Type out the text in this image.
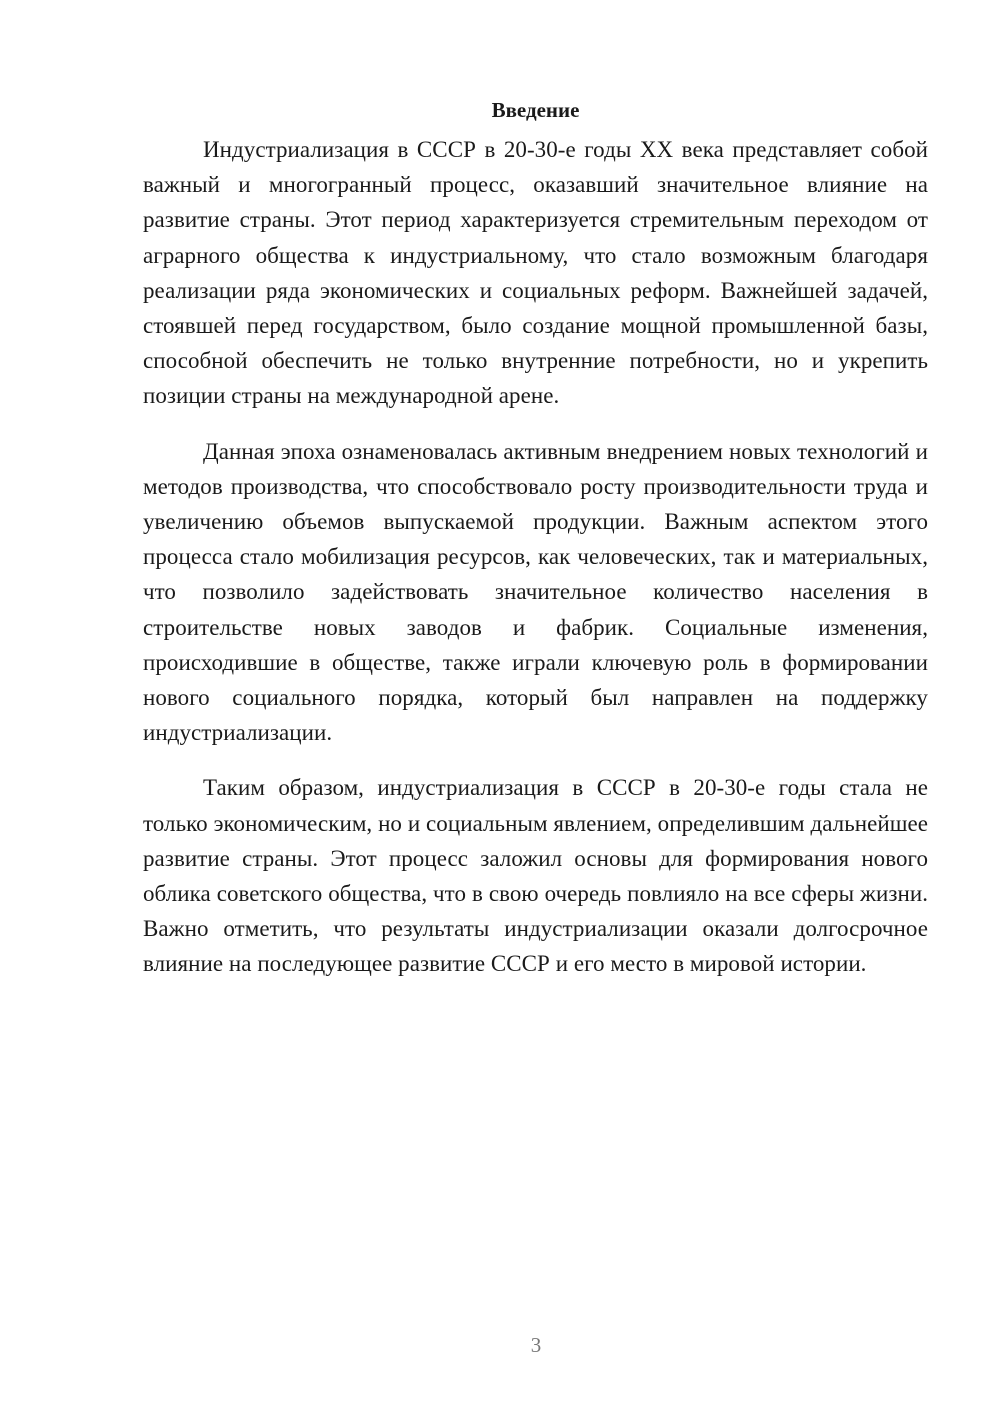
Введение

Индустриализация в СССР в 20-30-е годы XX века представляет собой важный и многогранный процесс, оказавший значительное влияние на развитие страны. Этот период характеризуется стремительным переходом от аграрного общества к индустриальному, что стало возможным благодаря реализации ряда экономических и социальных реформ. Важнейшей задачей, стоявшей перед государством, было создание мощной промышленной базы, способной обеспечить не только внутренние потребности, но и укрепить позиции страны на международной арене.

Данная эпоха ознаменовалась активным внедрением новых технологий и методов производства, что способствовало росту производительности труда и увеличению объемов выпускаемой продукции. Важным аспектом этого процесса стало мобилизация ресурсов, как человеческих, так и материальных, что позволило задействовать значительное количество населения в строительстве новых заводов и фабрик. Социальные изменения, происходившие в обществе, также играли ключевую роль в формировании нового социального порядка, который был направлен на поддержку индустриализации.

Таким образом, индустриализация в СССР в 20-30-е годы стала не только экономическим, но и социальным явлением, определившим дальнейшее развитие страны. Этот процесс заложил основы для формирования нового облика советского общества, что в свою очередь повлияло на все сферы жизни. Важно отметить, что результаты индустриализации оказали долгосрочное влияние на последующее развитие СССР и его место в мировой истории.

3
